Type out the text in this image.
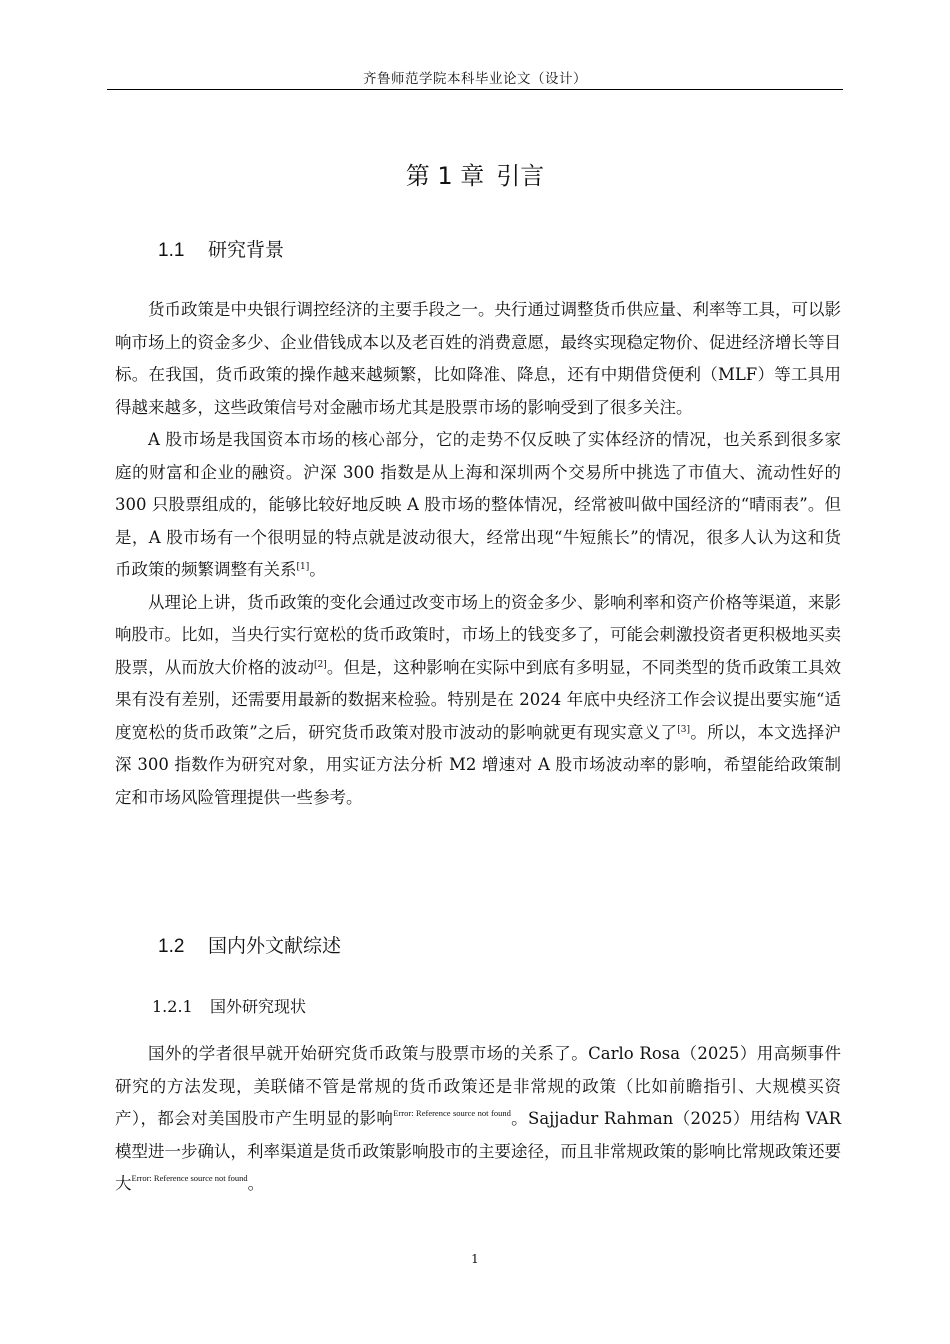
齐鲁师范学院本科毕业论文（设计）
第 1 章 引言
1.1 研究背景

货币政策是中央银行调控经济的主要手段之一。央行通过调整货币供应量、利率等工具，可以影响市场上的资金多少、企业借钱成本以及老百姓的消费意愿，最终实现稳定物价、促进经济增长等目标。在我国，货币政策的操作越来越频繁，比如降准、降息，还有中期借贷便利（MLF）等工具用得越来越多，这些政策信号对金融市场尤其是股票市场的影响受到了很多关注。

A 股市场是我国资本市场的核心部分，它的走势不仅反映了实体经济的情况，也关系到很多家庭的财富和企业的融资。沪深 300 指数是从上海和深圳两个交易所中挑选了市值大、流动性好的 300 只股票组成的，能够比较好地反映 A 股市场的整体情况，经常被叫做中国经济的“晴雨表”。但是，A 股市场有一个很明显的特点就是波动很大，经常出现“牛短熊长”的情况，很多人认为这和货币政策的频繁调整有关系[1]。

从理论上讲，货币政策的变化会通过改变市场上的资金多少、影响利率和资产价格等渠道，来影响股市。比如，当央行实行宽松的货币政策时，市场上的钱变多了，可能会刺激投资者更积极地买卖股票，从而放大价格的波动[2]。但是，这种影响在实际中到底有多明显，不同类型的货币政策工具效果有没有差别，还需要用最新的数据来检验。特别是在 2024 年底中央经济工作会议提出要实施“适度宽松的货币政策”之后，研究货币政策对股市波动的影响就更有现实意义了[3]。所以，本文选择沪深 300 指数作为研究对象，用实证方法分析 M2 增速对 A 股市场波动率的影响，希望能给政策制定和市场风险管理提供一些参考。

1.2 国内外文献综述
1.2.1 国外研究现状

国外的学者很早就开始研究货币政策与股票市场的关系了。Carlo Rosa（2025）用高频事件研究的方法发现，美联储不管是常规的货币政策还是非常规的政策（比如前瞻指引、大规模买资产），都会对美国股市产生明显的影响$^{Error: Reference source not found}$。Sajjadur Rahman（2025）用结构 VAR 模型进一步确认，利率渠道是货币政策影响股市的主要途径，而且非常规政策的影响比常规政策还要大$^{Error: Reference source not found}$。

1
